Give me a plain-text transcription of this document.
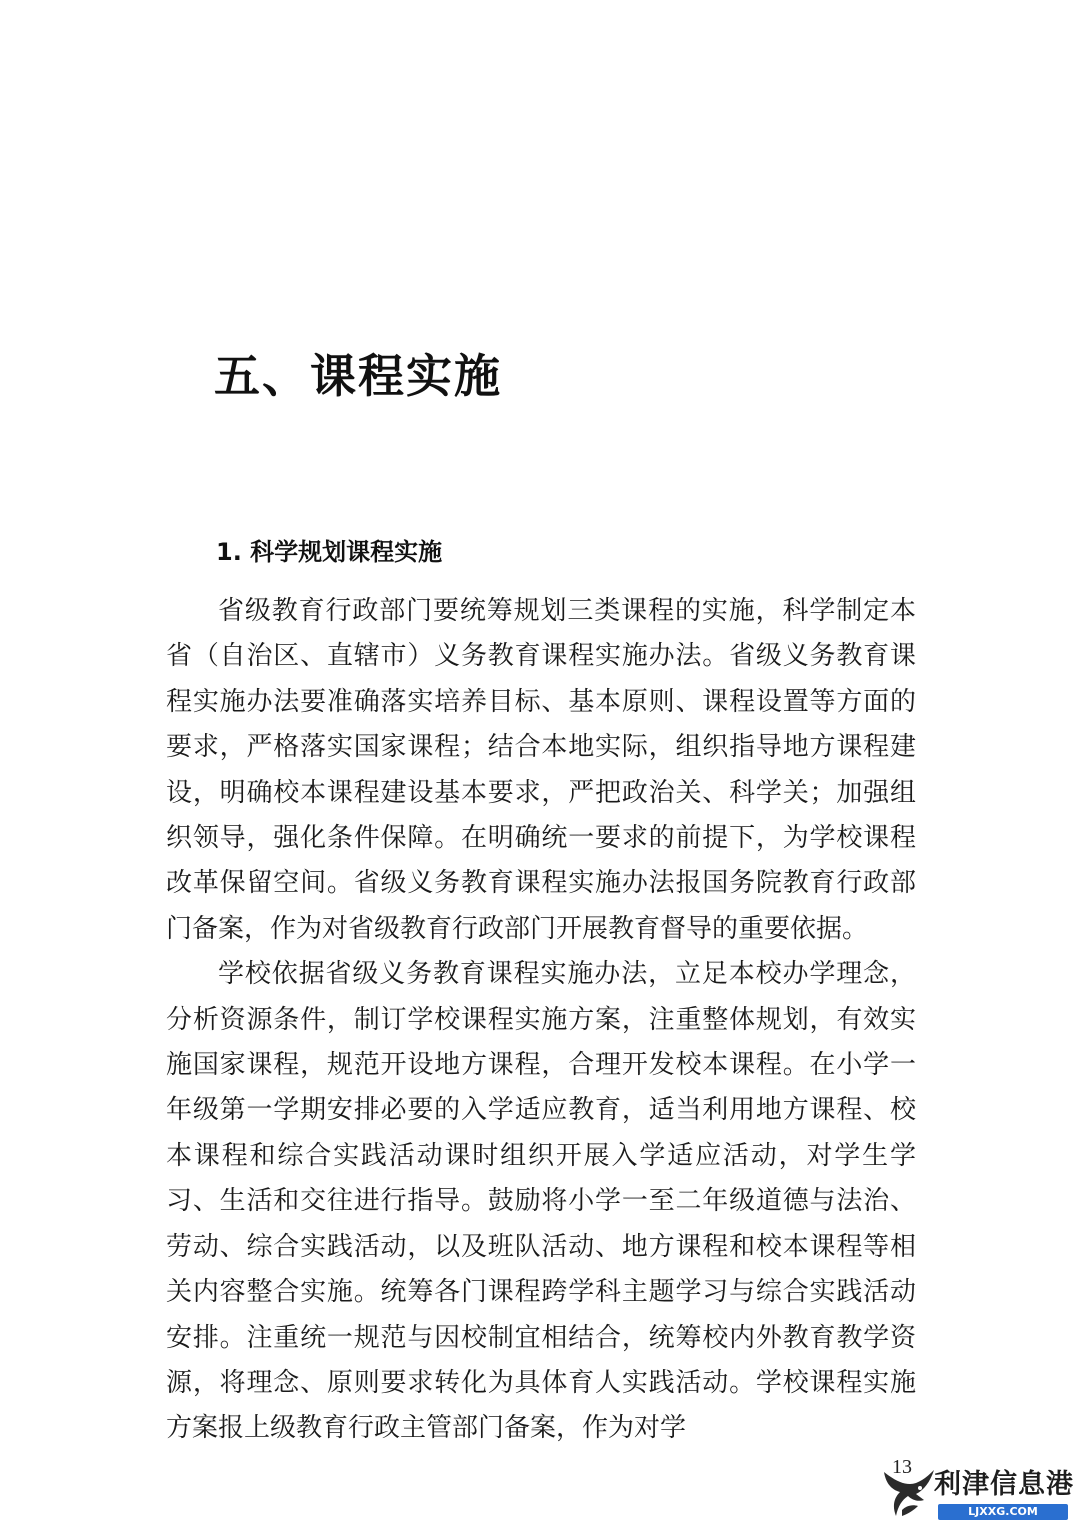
五、课程实施
1. 科学规划课程实施

省级教育行政部门要统筹规划三类课程的实施，科学制定本省（自治区、直辖市）义务教育课程实施办法。省级义务教育课程实施办法要准确落实培养目标、基本原则、课程设置等方面的要求，严格落实国家课程；结合本地实际，组织指导地方课程建设，明确校本课程建设基本要求，严把政治关、科学关；加强组织领导，强化条件保障。在明确统一要求的前提下，为学校课程改革保留空间。省级义务教育课程实施办法报国务院教育行政部门备案，作为对省级教育行政部门开展教育督导的重要依据。

学校依据省级义务教育课程实施办法，立足本校办学理念，分析资源条件，制订学校课程实施方案，注重整体规划，有效实施国家课程，规范开设地方课程，合理开发校本课程。在小学一年级第一学期安排必要的入学适应教育，适当利用地方课程、校本课程和综合实践活动课时组织开展入学适应活动，对学生学习、生活和交往进行指导。鼓励将小学一至二年级道德与法治、劳动、综合实践活动，以及班队活动、地方课程和校本课程等相关内容整合实施。统筹各门课程跨学科主题学习与综合实践活动安排。注重统一规范与因校制宜相结合，统筹校内外教育教学资源，将理念、原则要求转化为具体育人实践活动。学校课程实施方案报上级教育行政主管部门备案，作为对学

13
利津信息港
LJXXG.COM
